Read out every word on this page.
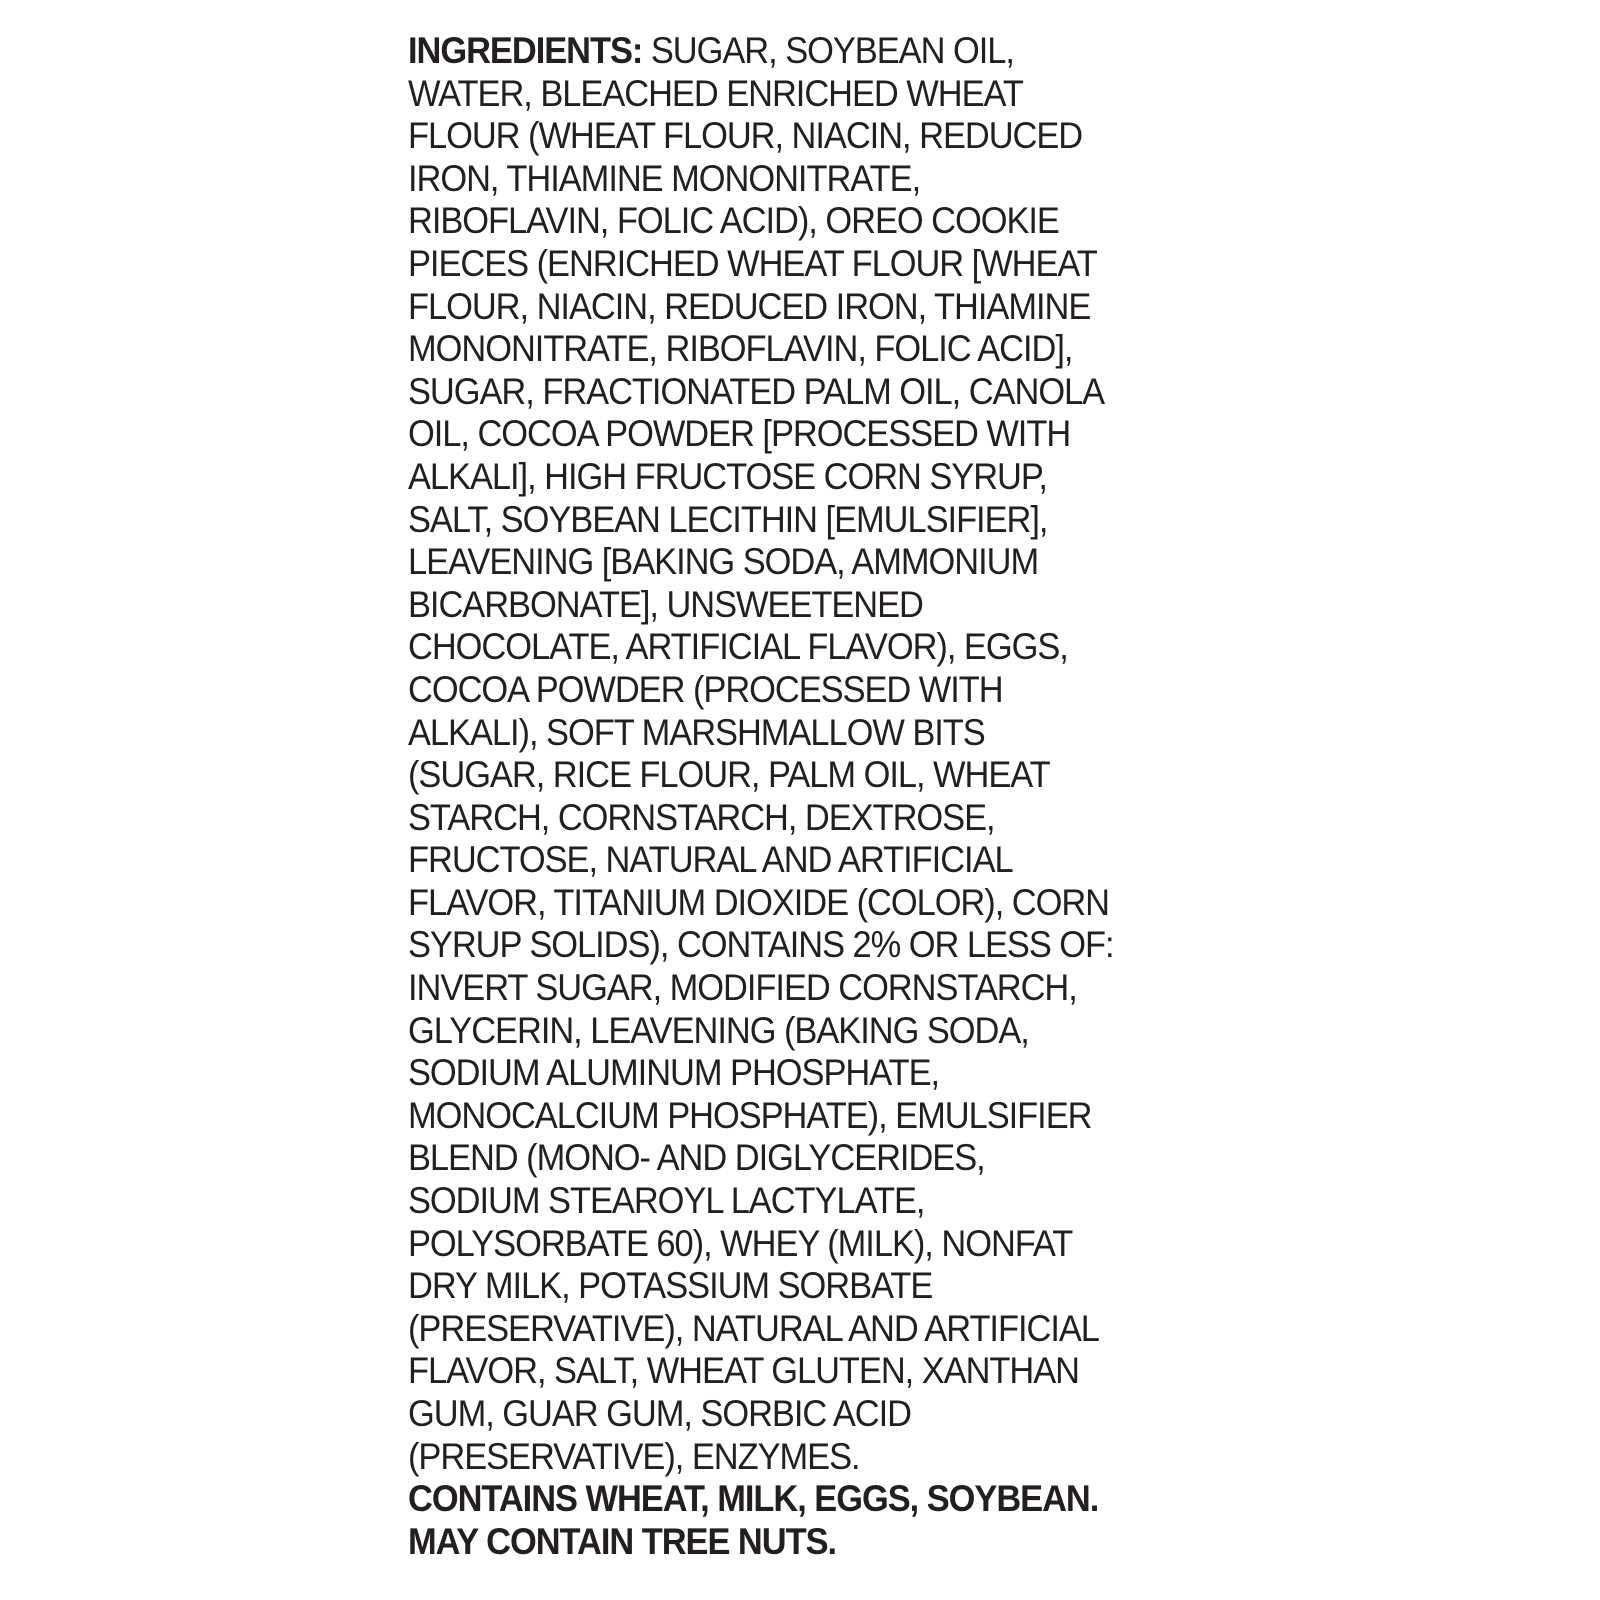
INGREDIENTS: SUGAR, SOYBEAN OIL,
WATER, BLEACHED ENRICHED WHEAT
FLOUR (WHEAT FLOUR, NIACIN, REDUCED
IRON, THIAMINE MONONITRATE,
RIBOFLAVIN, FOLIC ACID), OREO COOKIE
PIECES (ENRICHED WHEAT FLOUR [WHEAT
FLOUR, NIACIN, REDUCED IRON, THIAMINE
MONONITRATE, RIBOFLAVIN, FOLIC ACID],
SUGAR, FRACTIONATED PALM OIL, CANOLA
OIL, COCOA POWDER [PROCESSED WITH
ALKALI], HIGH FRUCTOSE CORN SYRUP,
SALT, SOYBEAN LECITHIN [EMULSIFIER],
LEAVENING [BAKING SODA, AMMONIUM
BICARBONATE], UNSWEETENED
CHOCOLATE, ARTIFICIAL FLAVOR), EGGS,
COCOA POWDER (PROCESSED WITH
ALKALI), SOFT MARSHMALLOW BITS
(SUGAR, RICE FLOUR, PALM OIL, WHEAT
STARCH, CORNSTARCH, DEXTROSE,
FRUCTOSE, NATURAL AND ARTIFICIAL
FLAVOR, TITANIUM DIOXIDE (COLOR), CORN
SYRUP SOLIDS), CONTAINS 2% OR LESS OF:
INVERT SUGAR, MODIFIED CORNSTARCH,
GLYCERIN, LEAVENING (BAKING SODA,
SODIUM ALUMINUM PHOSPHATE,
MONOCALCIUM PHOSPHATE), EMULSIFIER
BLEND (MONO- AND DIGLYCERIDES,
SODIUM STEAROYL LACTYLATE,
POLYSORBATE 60), WHEY (MILK), NONFAT
DRY MILK, POTASSIUM SORBATE
(PRESERVATIVE), NATURAL AND ARTIFICIAL
FLAVOR, SALT, WHEAT GLUTEN, XANTHAN
GUM, GUAR GUM, SORBIC ACID
(PRESERVATIVE), ENZYMES.
CONTAINS WHEAT, MILK, EGGS, SOYBEAN.
MAY CONTAIN TREE NUTS.
